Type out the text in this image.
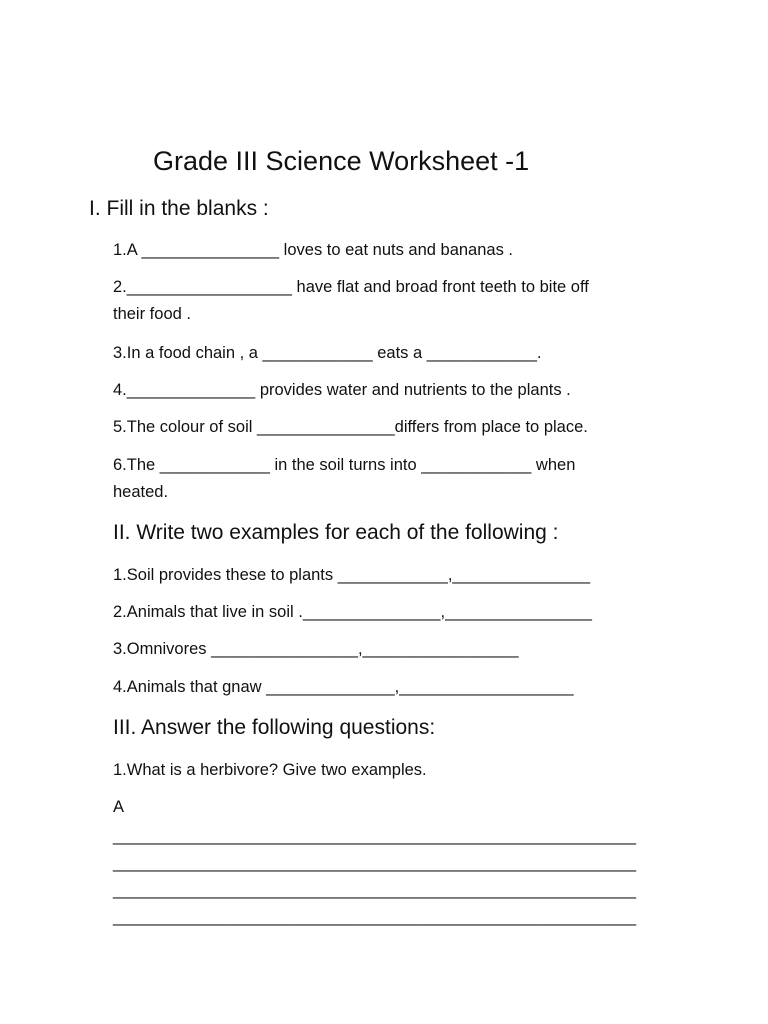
Grade III Science Worksheet -1
I. Fill in the blanks :
1.A _______________ loves to eat nuts and bananas .
2.__________________ have flat and broad front teeth to bite off
their food .
3.In a food chain , a ____________ eats a ____________.
4.______________ provides water and nutrients to the plants .
5.The colour of soil _______________differs from place to place.
6.The ____________ in the soil turns into ____________ when
heated.
II. Write two examples for each of the following :
1.Soil provides these to plants ____________,_______________
2.Animals that live in soil ._______________,________________
3.Omnivores ________________,_________________
4.Animals that gnaw ______________,___________________
III. Answer the following questions:
1.What is a herbivore? Give two examples.
A
_________________________________________________________
_________________________________________________________
_________________________________________________________
_________________________________________________________
